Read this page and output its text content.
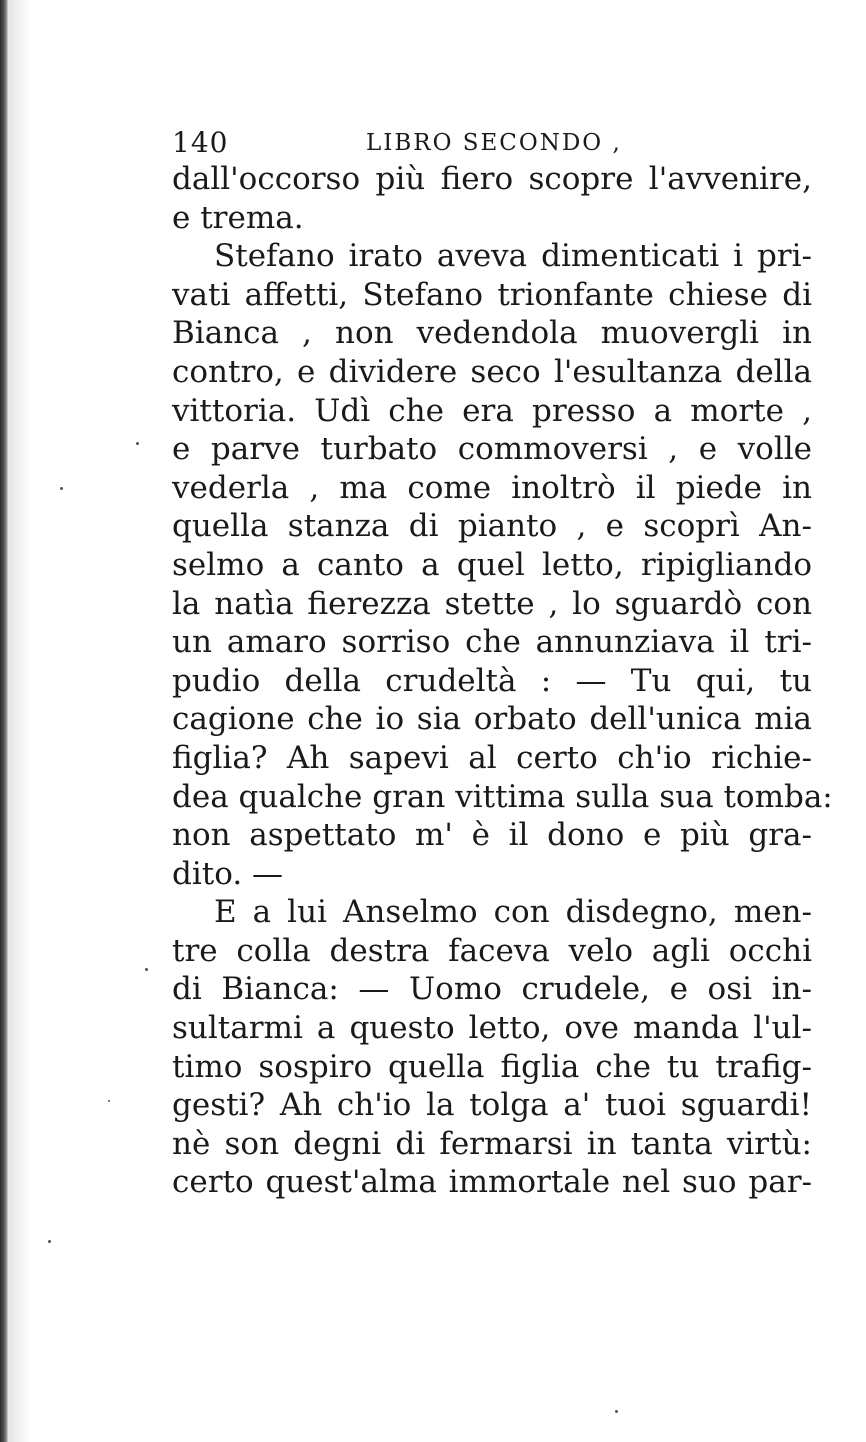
140	LIBRO SECONDO ,
dall'occorso più fiero scopre l'avvenire,
e trema.
Stefano irato aveva dimenticati i pri-
vati affetti, Stefano trionfante chiese di
Bianca , non vedendola muovergli in
contro, e dividere seco l'esultanza della
vittoria. Udì che era presso a morte ,
e parve turbato commoversi , e volle
vederla , ma come inoltrò il piede in
quella stanza di pianto , e scoprì An-
selmo a canto a quel letto, ripigliando
la natìa fierezza stette , lo sguardò con
un amaro sorriso che annunziava il tri-
pudio della crudeltà : — Tu qui, tu
cagione che io sia orbato dell'unica mia
figlia? Ah sapevi al certo ch'io richie-
dea qualche gran vittima sulla sua tomba:
non aspettato m' è il dono e più gra-
dito. —
E a lui Anselmo con disdegno, men-
tre colla destra faceva velo agli occhi
di Bianca: — Uomo crudele, e osi in-
sultarmi a questo letto, ove manda l'ul-
timo sospiro quella figlia che tu trafig-
gesti? Ah ch'io la tolga a' tuoi sguardi!
nè son degni di fermarsi in tanta virtù:
certo quest'alma immortale nel suo par-
